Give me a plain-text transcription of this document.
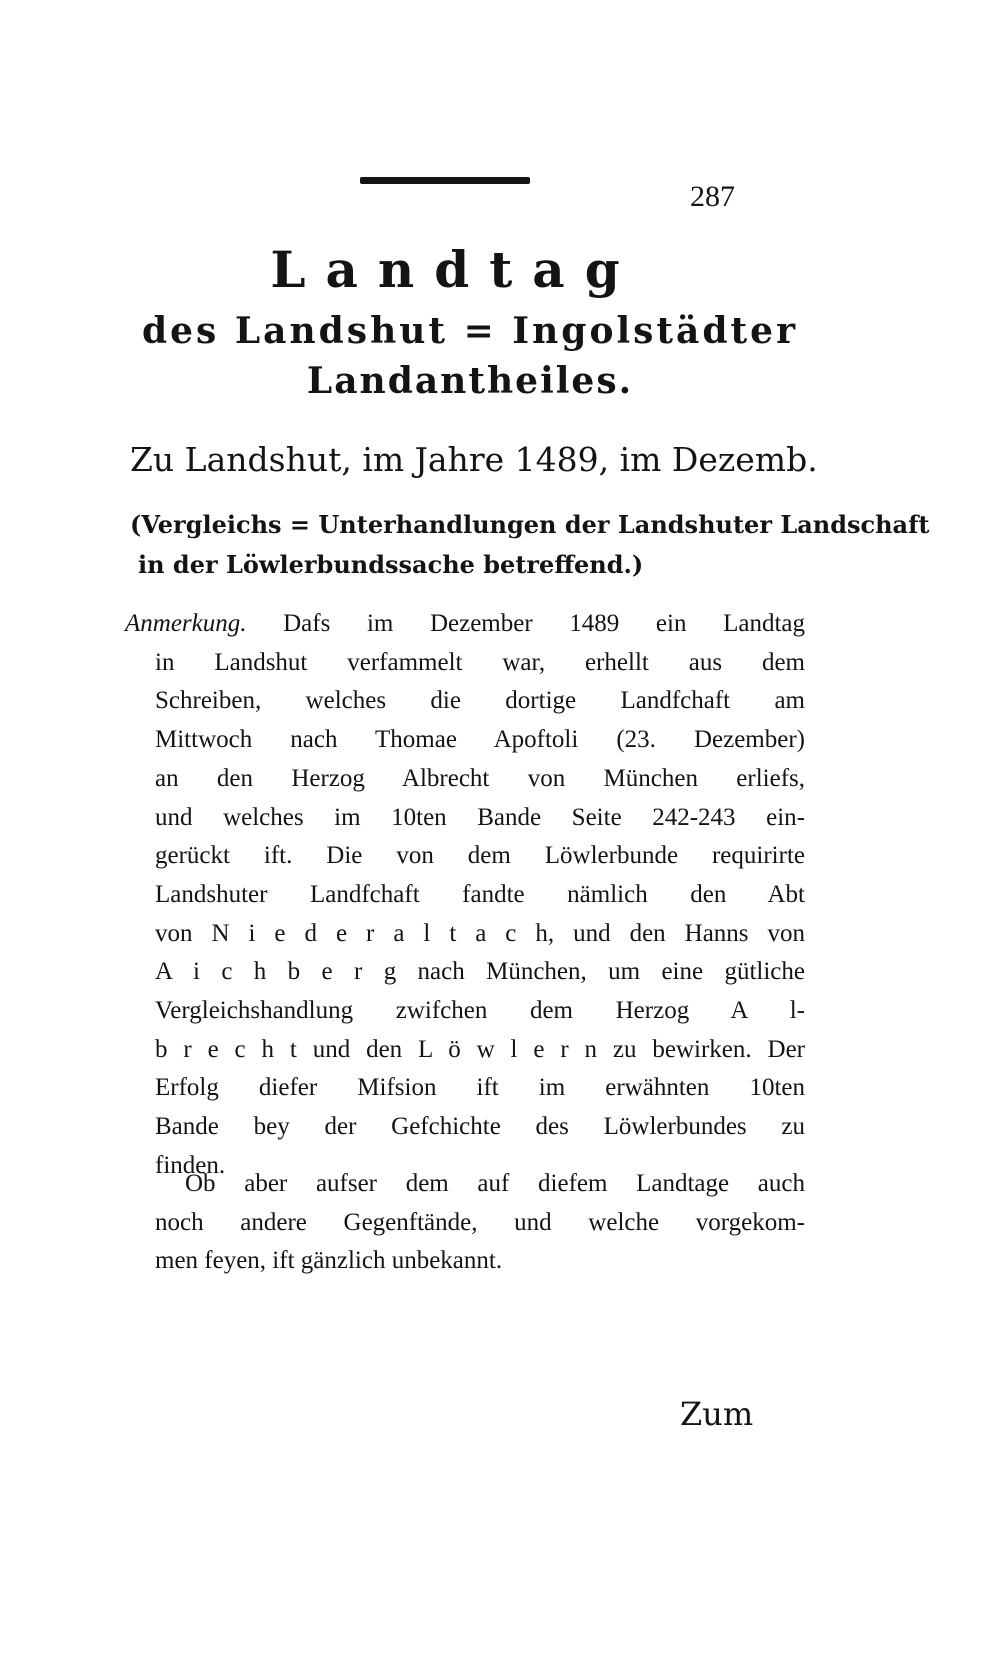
287
Landtag
des Landshut = Ingolstädter
Landantheiles.
Zu Landshut, im Jahre 1489, im Dezemb.
(Vergleichs = Unterhandlungen der Landshuter Landschaft
in der Löwlerbundssache betreffend.)
Anmerkung. Dafs im Dezember 1489 ein Landtag
in Landshut verfammelt war, erhellt aus dem
Schreiben, welches die dortige Landfchaft am
Mittwoch nach Thomae Apoftoli (23. Dezember)
an den Herzog Albrecht von München erliefs,
und welches im 10ten Bande Seite 242-243 ein-
gerückt ift. Die von dem Löwlerbunde requirirte
Landshuter Landfchaft fandte nämlich den Abt
von N i e d e r a l t a c h, und den Hanns von
A i c h b e r g nach München, um eine gütliche
Vergleichshandlung zwifchen dem Herzog A l-
b r e c h t und den L ö w l e r n zu bewirken. Der
Erfolg diefer Mifsion ift im erwähnten 10ten
Bande bey der Gefchichte des Löwlerbundes zu
finden.
Ob aber aufser dem auf diefem Landtage auch
noch andere Gegenftände, und welche vorgekom-
men feyen, ift gänzlich unbekannt.
Zum
